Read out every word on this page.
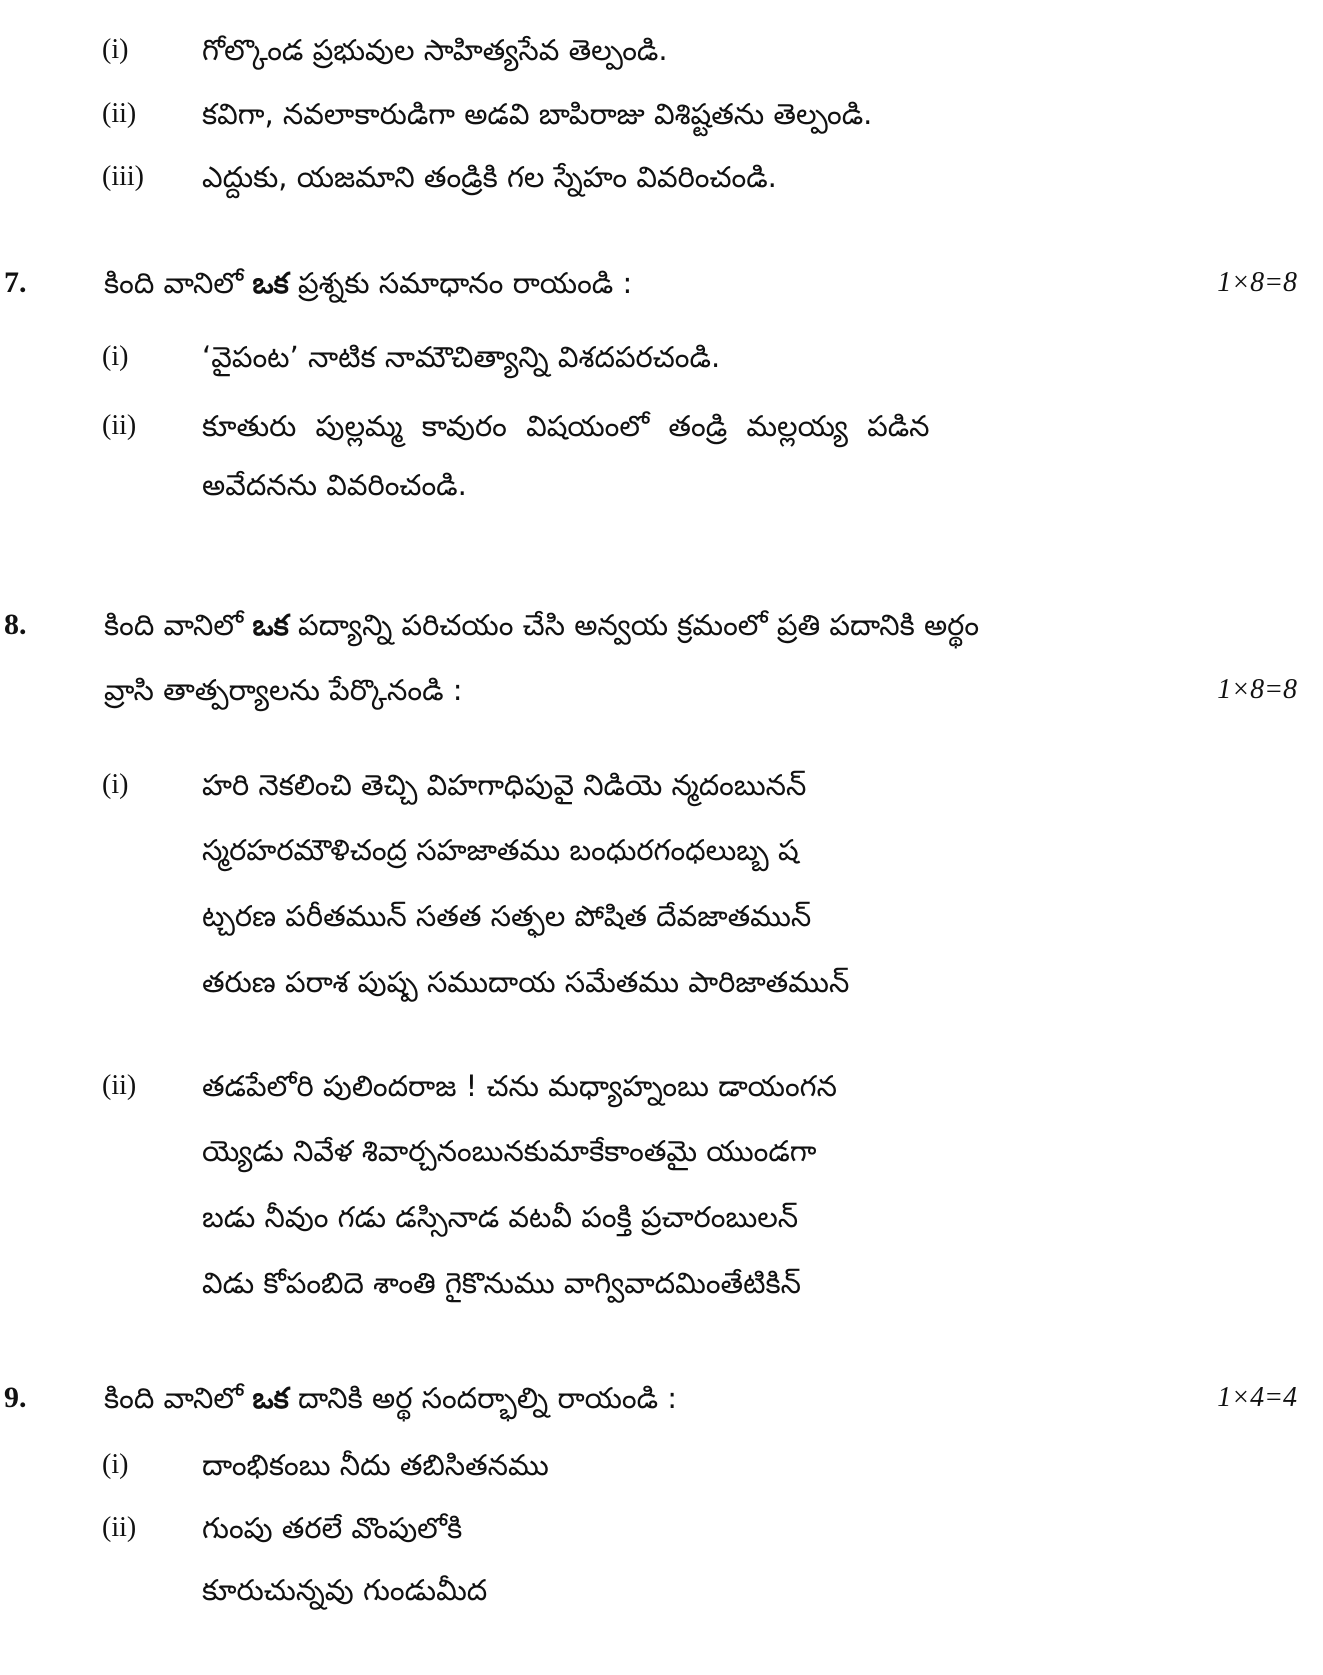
(i)	గోల్కొండ ప్రభువుల సాహిత్యసేవ తెల్పండి.
(ii) కవిగా, నవలాకారుడిగా అడవి బాపిరాజు విశిష్టతను తెల్పండి.
(iii) ఎద్దుకు, యజమాని తండ్రికి గల స్నేహం వివరించండి.
7.	కింది వానిలో ఒక ప్రశ్నకు సమాధానం రాయండి :	1×8=8
(i)	‘వైపంట’ నాటిక నామౌచిత్యాన్ని విశదపరచండి.
(ii) కూతురు పుల్లమ్మ కావురం విషయంలో తండ్రి మల్లయ్య పడిన
అవేదనను వివరించండి.
8.	కింది వానిలో ఒక పద్యాన్ని పరిచయం చేసి అన్వయ క్రమంలో ప్రతి పదానికి అర్థం
వ్రాసి తాత్పర్యాలను పేర్కొనండి :	1×8=8
(i)	హరి నెకలించి తెచ్చి విహగాధిపువై నిడియె న్మదంబునన్
స్మరహరమౌళిచంద్ర సహజాతము బంధురగంధలుబ్బ ష
ట్చరణ పరీతమున్ సతత సత్ఫల పోషిత దేవజాతమున్
తరుణ పరాశ పుష్ప సముదాయ సమేతము పారిజాతమున్
(ii) తడపేలోరి పులిందరాజ ! చను మధ్యాహ్నంబు డాయంగన
య్యెడు నివేళ శివార్చనంబునకుమాకేకాంతమై యుండగా
బడు నీవుం గడు డస్సినాడ వటవీ పంక్తి ప్రచారంబులన్
విడు కోపంబిదె శాంతి గైకొనుము వాగ్వివాదమింతేటికిన్
9.	కింది వానిలో ఒక దానికి అర్థ సందర్భాల్ని రాయండి :	1×4=4
(i)	దాంభికంబు నీదు తబిసితనము
(ii) గుంపు తరలే వొంపులోకి
కూరుచున్నవు గుండుమీద
